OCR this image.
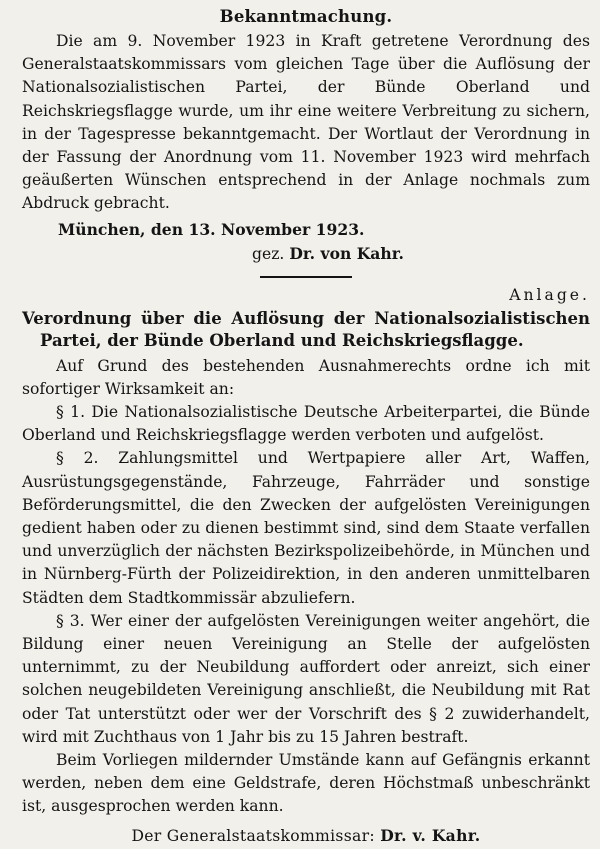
Bekanntmachung.

Die am 9. November 1923 in Kraft getretene Verordnung des Generalstaatskommissars vom gleichen Tage über die Auflösung der Nationalsozialistischen Partei, der Bünde Oberland und Reichskriegsflagge wurde, um ihr eine weitere Verbreitung zu sichern, in der Tagespresse bekanntgemacht. Der Wortlaut der Verordnung in der Fassung der Anordnung vom 11. November 1923 wird mehrfach geäußerten Wünschen entsprechend in der Anlage nochmals zum Abdruck gebracht.

München, den 13. November 1923.

gez. Dr. von Kahr.

Anlage.

Verordnung über die Auflösung der Nationalsozialistischen
Partei, der Bünde Oberland und Reichskriegsflagge.

Auf Grund des bestehenden Ausnahmerechts ordne ich mit sofortiger Wirksamkeit an:

§ 1. Die Nationalsozialistische Deutsche Arbeiterpartei, die Bünde Oberland und Reichskriegsflagge werden verboten und aufgelöst.

§ 2. Zahlungsmittel und Wertpapiere aller Art, Waffen, Ausrüstungsgegenstände, Fahrzeuge, Fahrräder und sonstige Beförderungsmittel, die den Zwecken der aufgelösten Vereinigungen gedient haben oder zu dienen bestimmt sind, sind dem Staate verfallen und unverzüglich der nächsten Bezirkspolizeibehörde, in München und in Nürnberg-Fürth der Polizeidirektion, in den anderen unmittelbaren Städten dem Stadtkommissär abzuliefern.

§ 3. Wer einer der aufgelösten Vereinigungen weiter angehört, die Bildung einer neuen Vereinigung an Stelle der aufgelösten unternimmt, zu der Neubildung auffordert oder anreizt, sich einer solchen neugebildeten Vereinigung anschließt, die Neubildung mit Rat oder Tat unterstützt oder wer der Vorschrift des § 2 zuwiderhandelt, wird mit Zuchthaus von 1 Jahr bis zu 15 Jahren bestraft.

Beim Vorliegen mildernder Umstände kann auf Gefängnis erkannt werden, neben dem eine Geldstrafe, deren Höchstmaß unbeschränkt ist, ausgesprochen werden kann.

Der Generalstaatskommissar: Dr. v. Kahr.
